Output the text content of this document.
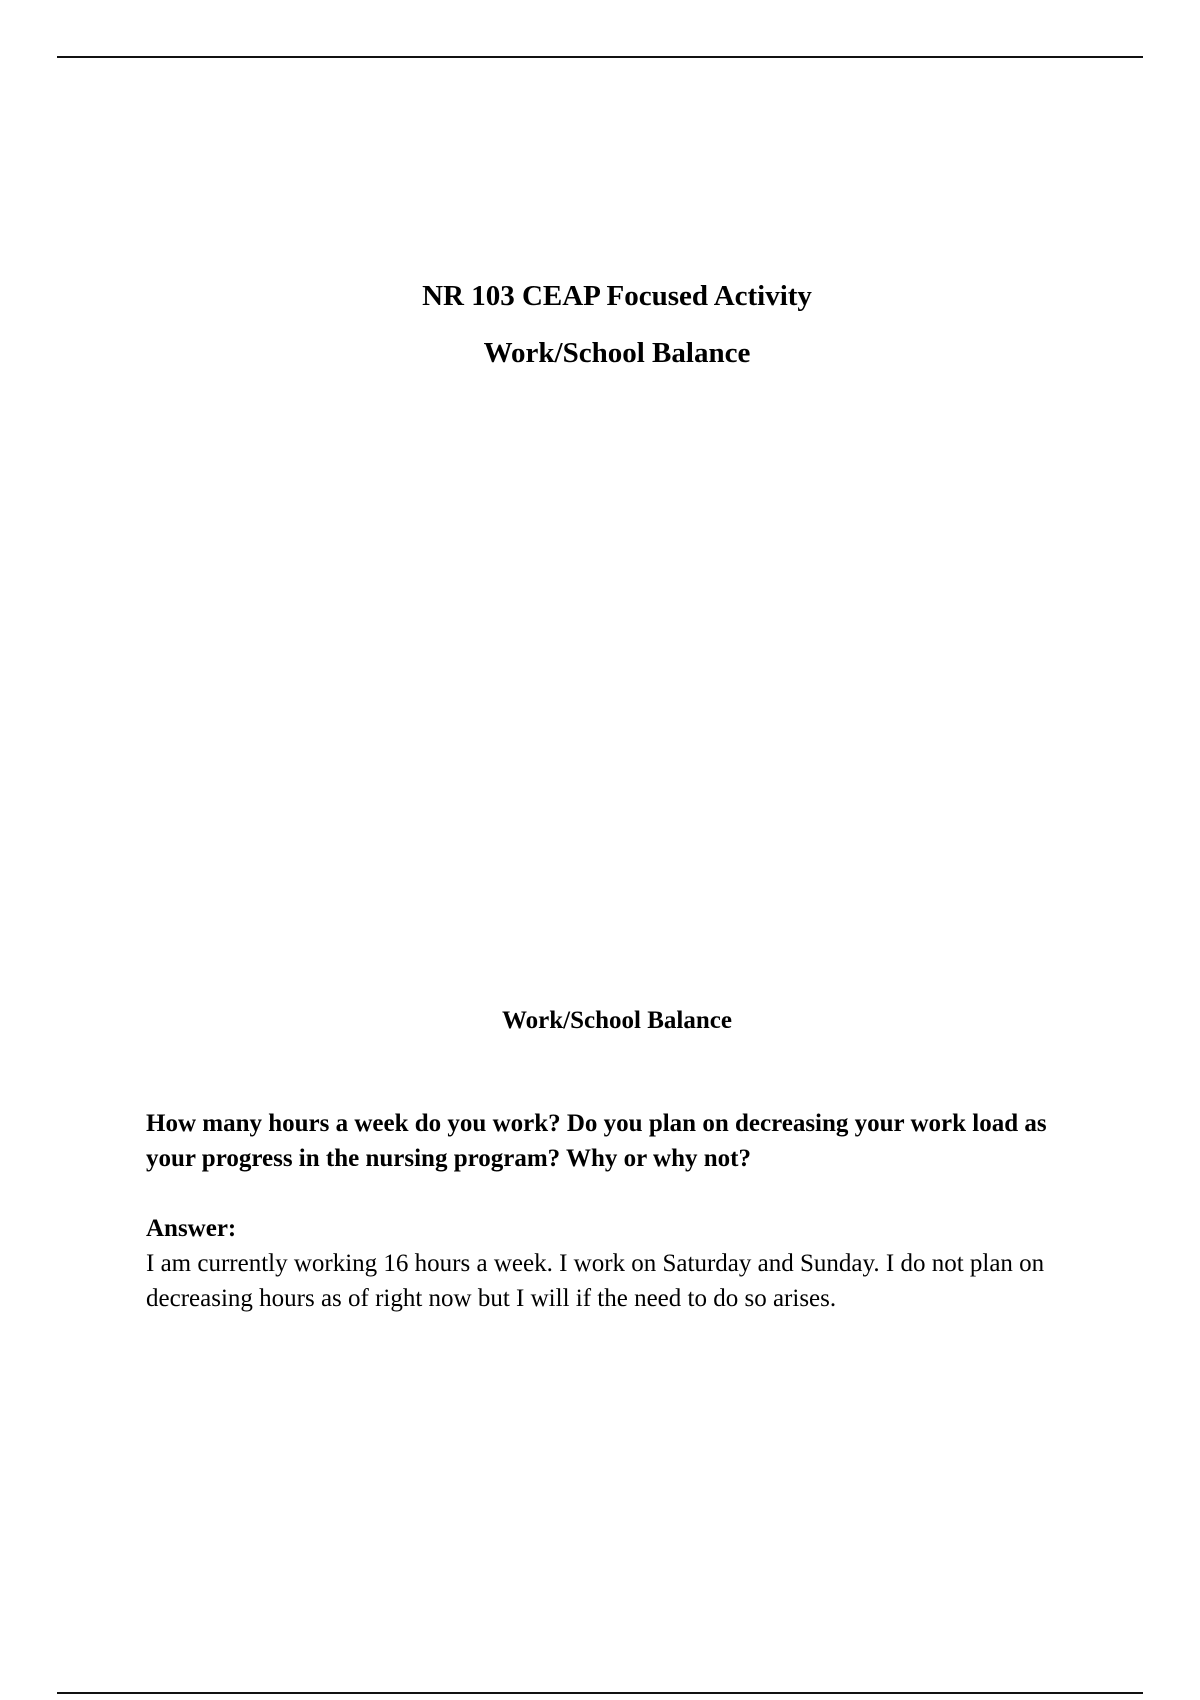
NR 103 CEAP Focused Activity
Work/School Balance
Work/School Balance

How many hours a week do you work? Do you plan on decreasing your work load as your progress in the nursing program? Why or why not?

Answer:

I am currently working 16 hours a week. I work on Saturday and Sunday. I do not plan on decreasing hours as of right now but I will if the need to do so arises.
